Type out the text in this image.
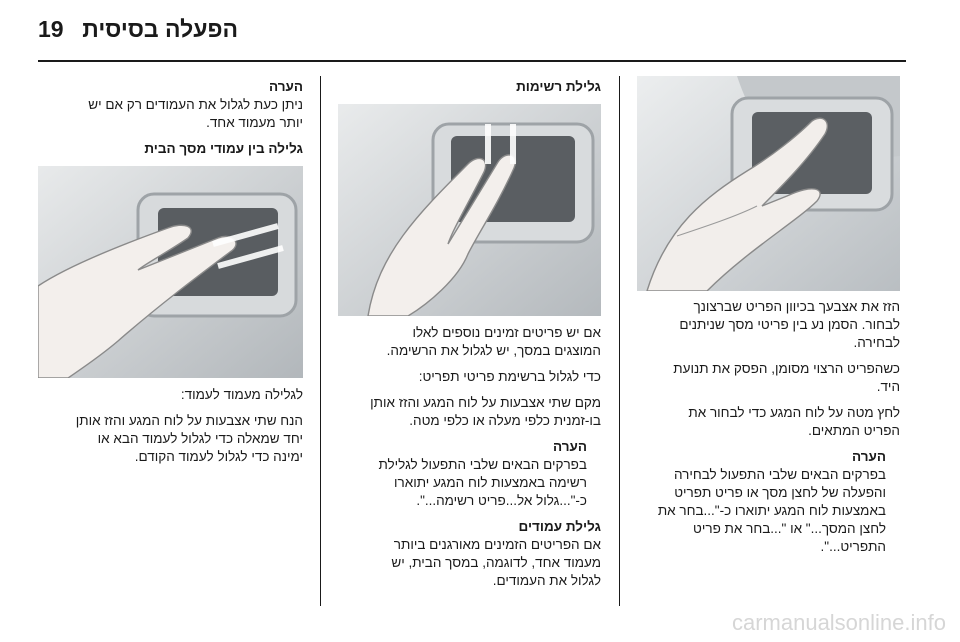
19 הפעלה בסיסית

הזז את אצבעך בכיוון הפריט שברצונך

לבחור. הסמן נע בין פריטי מסך שניתנים

לבחירה.

כשהפריט הרצוי מסומן, הפסק את תנועת

היד.

לחץ מטה על לוח המגע כדי לבחור את

הפריט המתאים.

הערה

בפרקים הבאים שלבי התפעול לבחירה

והפעלה של לחצן מסך או פריט תפריט

באמצעות לוח המגע יתוארו כ-"...בחר את

לחצן המסך..." או "...בחר את פריט

התפריט...".

גלילת רשימות

אם יש פריטים זמינים נוספים לאלו

המוצגים במסך, יש לגלול את הרשימה.

כדי לגלול ברשימת פריטי תפריט:

מקם שתי אצבעות על לוח המגע והזז אותן

בו-זמנית כלפי מעלה או כלפי מטה.

הערה

בפרקים הבאים שלבי התפעול לגלילת

רשימה באמצעות לוח המגע יתוארו

כ-"...גלול אל...פריט רשימה...".

גלילת עמודים

אם הפריטים הזמינים מאורגנים ביותר

מעמוד אחד, לדוגמה, במסך הבית, יש

לגלול את העמודים.

הערה

ניתן כעת לגלול את העמודים רק אם יש

יותר מעמוד אחד.

גלילה בין עמודי מסך הבית

לגלילה מעמוד לעמוד:

הנח שתי אצבעות על לוח המגע והזז אותן

יחד שמאלה כדי לגלול לעמוד הבא או

ימינה כדי לגלול לעמוד הקודם.

carmanualsonline.info
